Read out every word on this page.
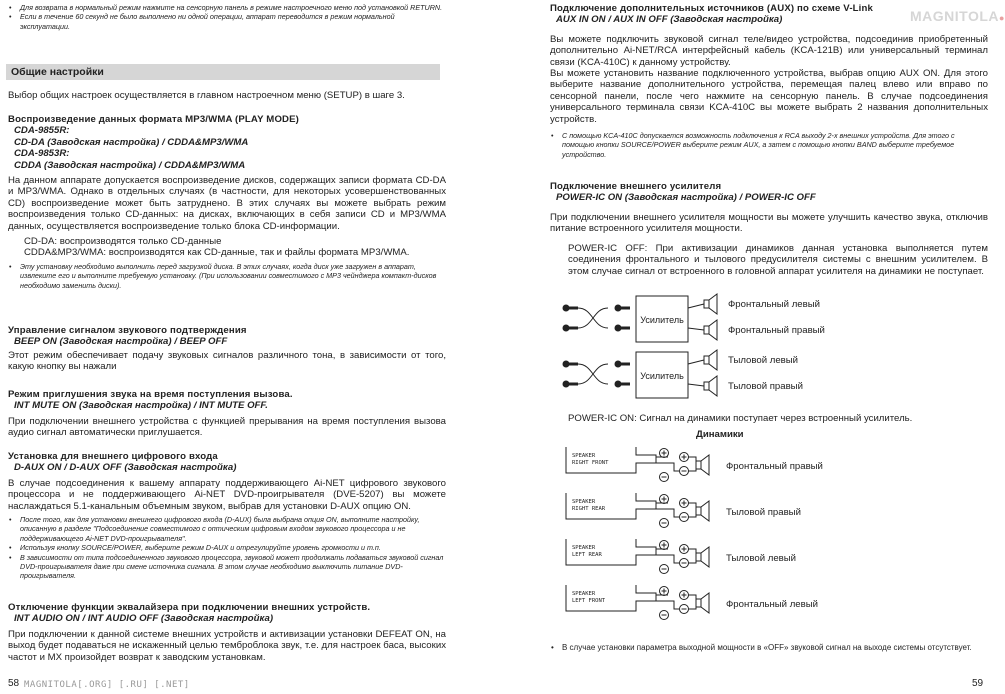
• Для возврата в нормальный режим нажмите на сенсорную панель в режиме настроечного меню под установкой RETURN.
• Если в течение 60 секунд не было выполнено ни одной операции, аппарат переводится в режим нормальной эксплуатации.
Общие настройки
Выбор общих настроек осуществляется в главном настроечном меню (SETUP) в шаге 3.
Воспроизведение данных формата MP3/WMA (PLAY MODE)
CDA-9855R:
CD-DA (Заводская настройка) / CDDA&MP3/WMA
CDA-9853R:
CDDA (Заводская настройка) / CDDA&MP3/WMA
На данном аппарате допускается воспроизведение дисков, содержащих записи формата CD-DA и MP3/WMA. Однако в отдельных случаях (в частности, для некоторых усовершенствованных CD) воспроизведение может быть затруднено. В этих случаях вы можете выбрать режим воспроизведения только CD-данных: на дисках, включающих в себя записи CD и MP3/WMA данных, осуществляется воспроизведение только блока CD-информации.
CD-DA: воспроизводятся только CD-данные
CDDA&MP3/WMA: воспроизводятся как CD-данные, так и файлы формата MP3/WMA.
• Эту установку необходимо выполнить перед загрузкой диска. В этих случаях, когда диск уже загружен в аппарат, извлеките его и выполните требуемую установку. (При использовании совместимого с MP3 чейнджера компакт-дисков необходимо заменить диски).
Управление сигналом звукового подтверждения
BEEP ON (Заводская настройка) / BEEP OFF
Этот режим обеспечивает подачу звуковых сигналов различного тона, в зависимости от того, какую кнопку вы нажали
Режим приглушения звука на время поступления вызова.
INT MUTE ON (Заводская настройка) / INT MUTE OFF.
При подключении внешнего устройства с функцией прерывания на время поступления вызова аудио сигнал автоматически приглушается.
Установка для внешнего цифрового входа
D-AUX ON / D-AUX OFF (Заводская настройка)
В случае подсоединения к вашему аппарату поддерживающего Ai-NET цифрового звукового процессора и не поддерживающего Ai-NET DVD-проигрывателя (DVE-5207) вы можете наслаждаться 5.1-канальным объемным звуком, выбрав для установки D-AUX опцию ON.
• После того, как для установки внешнего цифрового входа (D-AUX) была выбрана опция ON, выполните настройку, описанную в разделе "Подсоединение совместимого с оптическим цифровым входом звукового процессора и не поддерживающего Ai-NET DVD-проигрывателя".
• Используя кнопку SOURCE/POWER, выберите режим D-AUX и отрегулируйте уровень громкости и т.п.
• В зависимости от типа подсоединенного звукового процессора, звуковой может продолжать подаваться звуковой сигнал DVD-проигрывателя даже при смене источника сигнала. В этом случае необходимо выключить питание DVD-проигрывателя.
Отключение функции эквалайзера при подключении внешних устройств.
INT AUDIO ON / INT AUDIO OFF (Заводская настройка)
При подключении к данной системе внешних устройств и активизации установки DEFEAT ON, на выход будет подаваться не искаженный целью темброблока звук, т.е. для настроек баса, высоких частот и MX произойдет возврат к заводским установкам.
58 MAGNITOLA[.ORG] [.RU] [.NET]
MAGNITOLA●
Подключение дополнительных источников (AUX) по схеме V-Link
AUX IN ON / AUX IN OFF (Заводская настройка)
Вы можете подключить звуковой сигнал теле/видео устройства, подсоединив приобретенный дополнительно Ai-NET/RCA интерфейсный кабель (KCA-121B) или универсальный терминал связи (KCA-410C) к данному устройству.
Вы можете установить название подключенного устройства, выбрав опцию AUX ON. Для этого выберите название дополнительного устройства, перемещая палец влево или вправо по сенсорной панели, после чего нажмите на сенсорную панель. В случае подсоединения универсального терминала связи KCA-410C вы можете выбрать 2 названия дополнительных устройств.
• С помощью KCA-410C допускается возможность подключения к RCA выходу 2-х внешних устройств. Для этого с помощью кнопки SOURCE/POWER выберите режим AUX, а затем с помощью кнопки BAND выберите требуемое устройство.
Подключение внешнего усилителя
POWER-IC ON (Заводская настройка) / POWER-IC OFF
При подключении внешнего усилителя мощности вы можете улучшить качество звука, отключив питание встроенного усилителя мощности.
POWER-IC OFF: При активизации динамиков данная установка выполняется путем соединения фронтального и тылового предусилителя системы с внешним усилителем. В этом случае сигнал от встроенного в головной аппарат усилителя на динамики не поступает.
Усилитель
Фронтальный левый
Фронтальный правый
Усилитель
Тыловой левый
Тыловой правый
POWER-IC ON: Сигнал на динамики поступает через встроенный усилитель.
Динамики
SPEAKER
RIGHT FRONT	Фронтальный правый
SPEAKER
RIGHT REAR	Тыловой правый
SPEAKER
LEFT REAR	Тыловой левый
SPEAKER
LEFT FRONT	Фронтальный левый
• В случае установки параметра выходной мощности в «OFF» звуковой сигнал на выходе системы отсутствует.
59
